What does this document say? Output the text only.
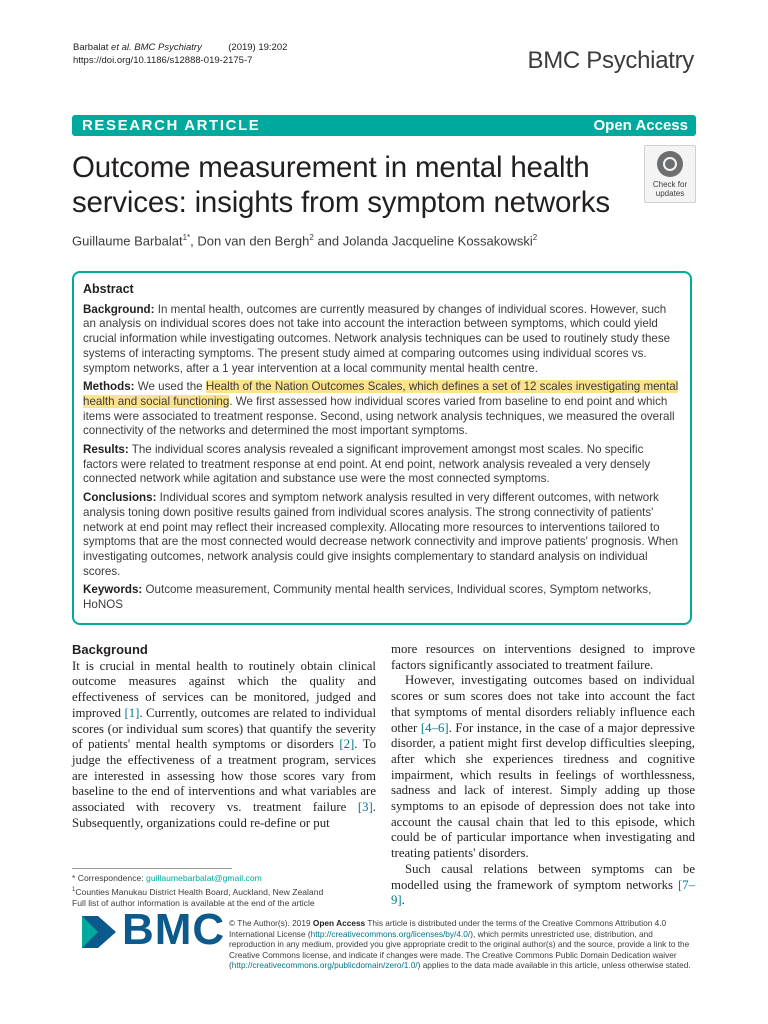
Barbalat et al. BMC Psychiatry	(2019) 19:202
https://doi.org/10.1186/s12888-019-2175-7	BMC Psychiatry
RESEARCH ARTICLE	Open Access
Outcome measurement in mental health services: insights from symptom networks
Check for
updates
Guillaume Barbalat$^{1*}$, Don van den Bergh$^2$ and Jolanda Jacqueline Kossakowski$^2$
Abstract

Background: In mental health, outcomes are currently measured by changes of individual scores. However, such an analysis on individual scores does not take into account the interaction between symptoms, which could yield crucial information while investigating outcomes. Network analysis techniques can be used to routinely study these systems of interacting symptoms. The present study aimed at comparing outcomes using individual scores vs. symptom networks, after a 1 year intervention at a local community mental health centre.

Methods: We used the Health of the Nation Outcomes Scales, which defines a set of 12 scales investigating mental health and social functioning. We first assessed how individual scores varied from baseline to end point and which items were associated to treatment response. Second, using network analysis techniques, we measured the overall connectivity of the networks and determined the most important symptoms.

Results: The individual scores analysis revealed a significant improvement amongst most scales. No specific factors were related to treatment response at end point. At end point, network analysis revealed a very densely connected network while agitation and substance use were the most connected symptoms.

Conclusions: Individual scores and symptom network analysis resulted in very different outcomes, with network analysis toning down positive results gained from individual scores analysis. The strong connectivity of patients' network at end point may reflect their increased complexity. Allocating more resources to interventions tailored to symptoms that are the most connected would decrease network connectivity and improve patients' prognosis. When investigating outcomes, network analysis could give insights complementary to standard analysis on individual scores.

Keywords: Outcome measurement, Community mental health services, Individual scores, Symptom networks, HoNOS

Background

It is crucial in mental health to routinely obtain clinical outcome measures against which the quality and effectiveness of services can be monitored, judged and improved [1]. Currently, outcomes are related to individual scores (or individual sum scores) that quantify the severity of patients' mental health symptoms or disorders [2]. To judge the effectiveness of a treatment program, services are interested in assessing how those scores vary from baseline to the end of interventions and what variables are associated with recovery vs. treatment failure [3]. Subsequently, organizations could re-define or put

more resources on interventions designed to improve factors significantly associated to treatment failure.

However, investigating outcomes based on individual scores or sum scores does not take into account the fact that symptoms of mental disorders reliably influence each other [4–6]. For instance, in the case of a major depressive disorder, a patient might first develop difficulties sleeping, after which she experiences tiredness and cognitive impairment, which results in feelings of worthlessness, sadness and lack of interest. Simply adding up those symptoms to an episode of depression does not take into account the causal chain that led to this episode, which could be of particular importance when investigating and treating patients' disorders.

Such causal relations between symptoms can be modelled using the framework of symptom networks [7–9].

* Correspondence: guillaumebarbalat@gmail.com
$^1$Counties Manukau District Health Board, Auckland, New Zealand
Full list of author information is available at the end of the article
BMC © The Author(s). 2019 Open Access This article is distributed under the terms of the Creative Commons Attribution 4.0 International License (http://creativecommons.org/licenses/by/4.0/), which permits unrestricted use, distribution, and reproduction in any medium, provided you give appropriate credit to the original author(s) and the source, provide a link to the Creative Commons license, and indicate if changes were made. The Creative Commons Public Domain Dedication waiver (http://creativecommons.org/publicdomain/zero/1.0/) applies to the data made available in this article, unless otherwise stated.
